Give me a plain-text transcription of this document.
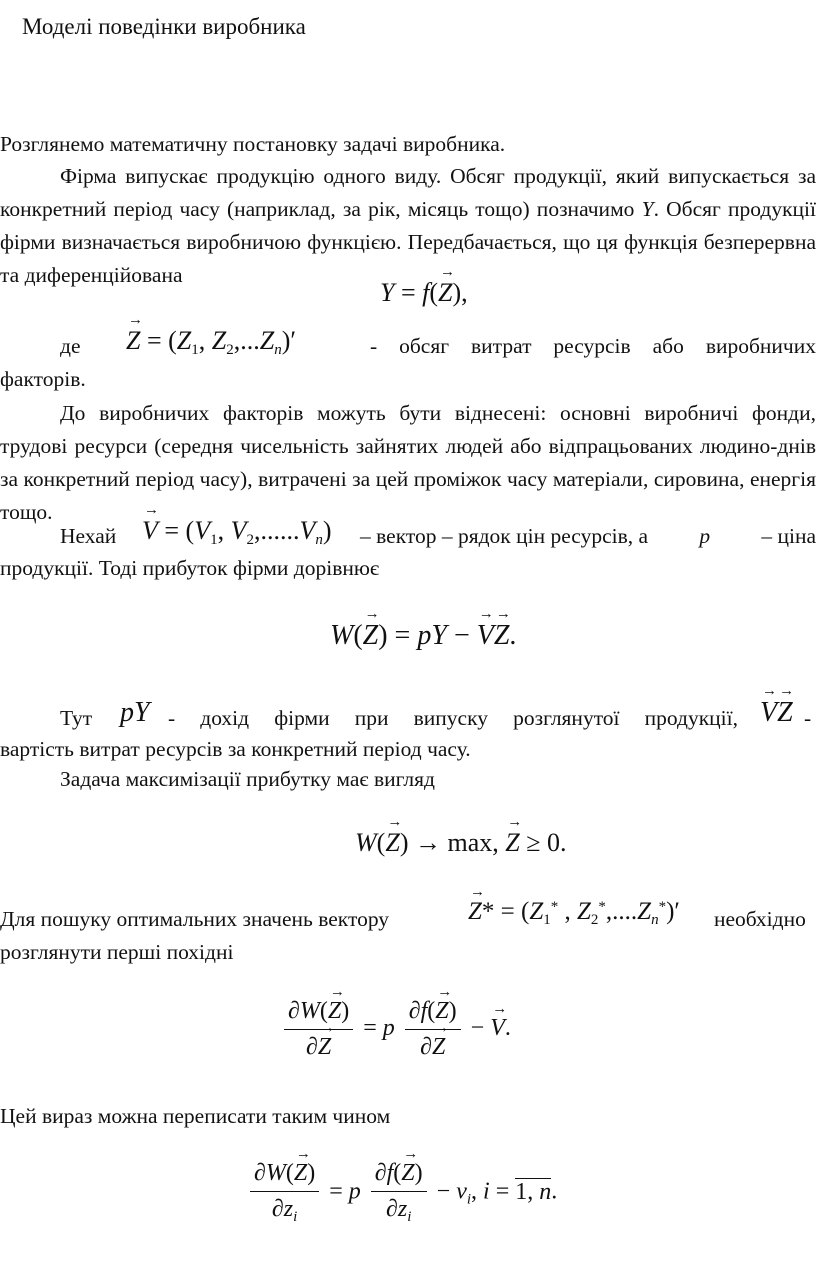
Моделі поведінки виробника
Розглянемо математичну постановку задачі виробника.
Фірма випускає продукцію одного виду. Обсяг продукції, який випускається за конкретний період часу (наприклад, за рік, місяць тощо) позначимо Y. Обсяг продукції фірми визначається виробничою функцією. Передбачається, що ця функція безперервна та диференційована
Y = f(→ Z),
де → $Z = (Z_1$, $Z_2,...Z_n)'$	- обсяг витрат ресурсів або виробничих
факторів.
До виробничих факторів можуть бути віднесені: основні виробничі фонди, трудові ресурси (середня чисельність зайнятих людей або відпрацьованих людино-днів за конкретний період часу), витрачені за цей проміжок часу матеріали, сировина, енергія тощо.
Нехай → $V = (V_1$, $V_2,......V_n$) – вектор – рядок цін ресурсів, а p – ціна
продукції. Тоді прибуток фірми дорівнює
W(→ Z) = pY − → V→ Z.
Тут pY - дохід фірми при випуску розглянутої продукції, → V→ Z -
вартість витрат ресурсів за конкретний період часу.
Задача максимізації прибутку має вигляд
W(→ Z) → max, → Z ≥ 0.
Для пошуку оптимальних значень вектору	→ $Z* = (Z_1^*$ , $Z_2^*,....Z_n^*)'$ необхідно
розглянути перші похідні
$\frac{\partial W(\to Z)}{\partial\to Z} = p \frac{\partial f(\to Z)}{\partial\to Z}$ − → V.
Цей вираз можна переписати таким чином
$\frac{\partial W(\to Z)}{\partial z_i} = p \frac{\partial f(\to Z)}{\partial z_i} - v_i$, i = 1, n.
